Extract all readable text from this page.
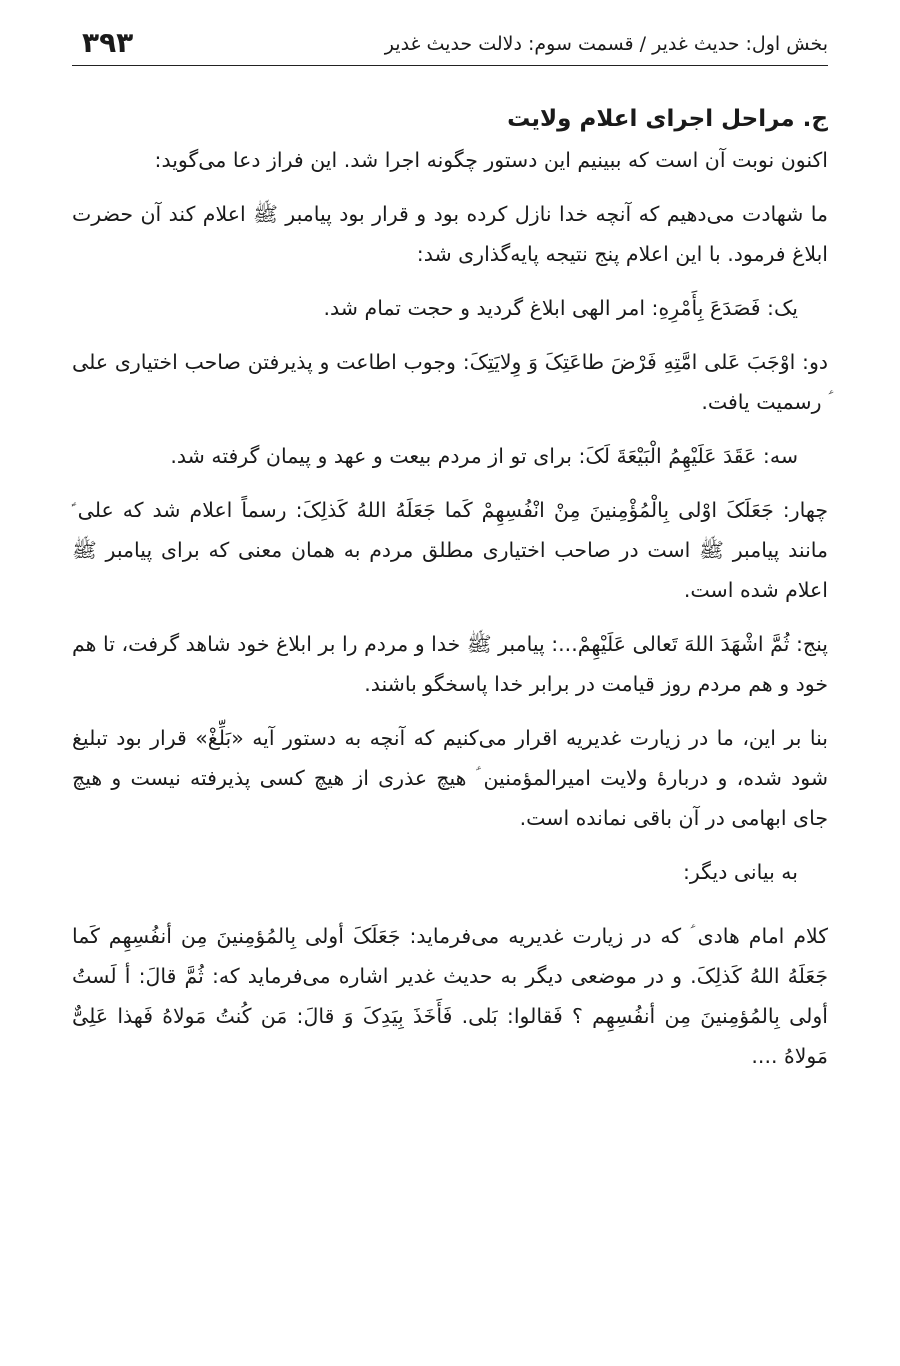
بخش اول: حدیث غدیر / قسمت سوم: دلالت حدیث غدیر
۳۹۳
ج. مراحل اجرای اعلام ولایت

اکنون نوبت آن است که ببینیم این دستور چگونه اجرا شد. این فراز دعا می‌گوید:

ما شهادت می‌دهیم که آنچه خدا نازل کرده بود و قرار بود پیامبر ﷺ اعلام کند آن حضرت ابلاغ فرمود. با این اعلام پنج نتیجه پایه‌گذاری شد:

یک: فَصَدَعَ بِأَمْرِهِ: امر الهی ابلاغ گردید و حجت تمام شد.

دو: اوْجَبَ عَلی امَّتِهِ فَرْضَ طاعَتِکَ وَ وِلایَتِکَ: وجوب اطاعت و پذیرفتن صاحب اختیاری علی ؑ رسمیت یافت.

سه: عَقَدَ عَلَیْهِمُ الْبَیْعَةَ لَکَ: برای تو از مردم بیعت و عهد و پیمان گرفته شد.

چهار: جَعَلَکَ اوْلی بِالْمُؤْمِنینَ مِنْ انْفُسِهِمْ کَما جَعَلَهُ اللهُ کَذلِکَ: رسماً اعلام شد که علی ؑ مانند پیامبر ﷺ است در صاحب اختیاری مطلق مردم به همان معنی که برای پیامبر ﷺ اعلام شده است.

پنج: ثُمَّ اشْهَدَ اللهَ تَعالی عَلَیْهِمْ...: پیامبر ﷺ خدا و مردم را بر ابلاغ خود شاهد گرفت، تا هم خود و هم مردم روز قیامت در برابر خدا پاسخگو باشند.

بنا بر این، ما در زیارت غدیریه اقرار می‌کنیم که آنچه به دستور آیه «بَلِّغْ» قرار بود تبلیغ شود شده، و دربارهٔ ولایت امیرالمؤمنین ؑ هیچ عذری از هیچ کسی پذیرفته نیست و هیچ جای ابهامی در آن باقی نمانده است.

به بیانی دیگر:

کلام امام هادی ؑ که در زیارت غدیریه می‌فرماید: جَعَلَکَ أولی بِالمُؤمِنینَ مِن أنفُسِهِم کَما جَعَلَهُ اللهُ کَذلِکَ. و در موضعی دیگر به حدیث غدیر اشاره می‌فرماید که: ثُمَّ قالَ: أ لَستُ أولی بِالمُؤمِنینَ مِن أنفُسِهِم ؟ فَقالوا: بَلی. فَأَخَذَ بِیَدِکَ وَ قالَ: مَن کُنتُ مَولاهُ فَهذا عَلِیٌّ مَولاهُ ....
